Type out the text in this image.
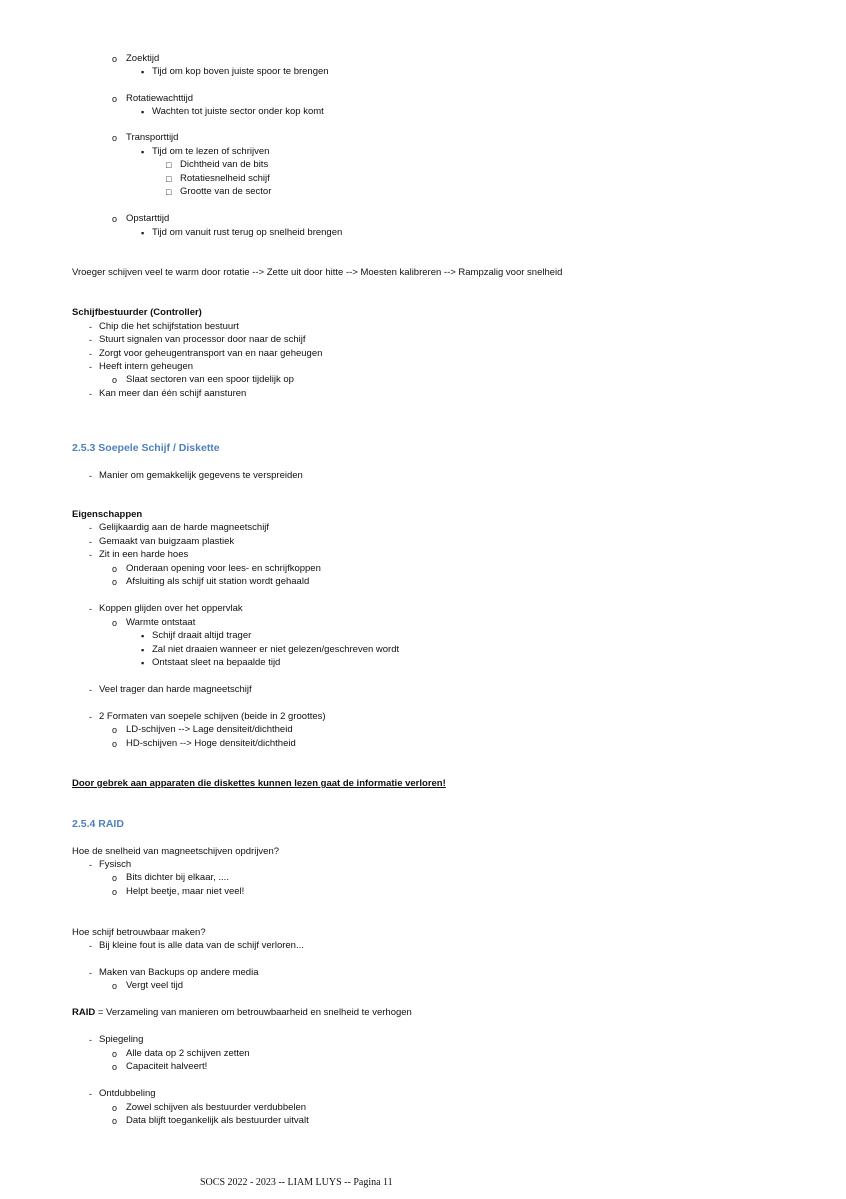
o Zoektijd
▪ Tijd om kop boven juiste spoor te brengen
o Rotatiewachttijd
▪ Wachten tot juiste sector onder kop komt
o Transporttijd
▪ Tijd om te lezen of schrijven
□ Dichtheid van de bits
□ Rotatiesnelheid schijf
□ Grootte van de sector
o Opstarttijd
▪ Tijd om vanuit rust terug op snelheid brengen
Vroeger schijven veel te warm door rotatie --> Zette uit door hitte --> Moesten kalibreren --> Rampzalig voor snelheid
Schijfbestuurder (Controller)
- Chip die het schijfstation bestuurt
- Stuurt signalen van processor door naar de schijf
- Zorgt voor geheugentransport van en naar geheugen
- Heeft intern geheugen
o Slaat sectoren van een spoor tijdelijk op
- Kan meer dan één schijf aansturen
2.5.3 Soepele Schijf / Diskette
- Manier om gemakkelijk gegevens te verspreiden
Eigenschappen
- Gelijkaardig aan de harde magneetschijf
- Gemaakt van buigzaam plastiek
- Zit in een harde hoes
o Onderaan opening voor lees- en schrijfkoppen
o Afsluiting als schijf uit station wordt gehaald
- Koppen glijden over het oppervlak
o Warmte ontstaat
▪ Schijf draait altijd trager
▪ Zal niet draaien wanneer er niet gelezen/geschreven wordt
▪ Ontstaat sleet na bepaalde tijd
- Veel trager dan harde magneetschijf
- 2 Formaten van soepele schijven (beide in 2 groottes)
o LD-schijven --> Lage densiteit/dichtheid
o HD-schijven --> Hoge densiteit/dichtheid
Door gebrek aan apparaten die diskettes kunnen lezen gaat de informatie verloren!
2.5.4 RAID
Hoe de snelheid van magneetschijven opdrijven?
- Fysisch
o Bits dichter bij elkaar, ....
o Helpt beetje, maar niet veel!
Hoe schijf betrouwbaar maken?
- Bij kleine fout is alle data van de schijf verloren...
- Maken van Backups op andere media
o Vergt veel tijd
RAID = Verzameling van manieren om betrouwbaarheid en snelheid te verhogen
- Spiegeling
o Alle data op 2 schijven zetten
o Capaciteit halveert!
- Ontdubbeling
o Zowel schijven als bestuurder verdubbelen
o Data blijft toegankelijk als bestuurder uitvalt
SOCS 2022 - 2023 -- LIAM LUYS -- Pagina 11
